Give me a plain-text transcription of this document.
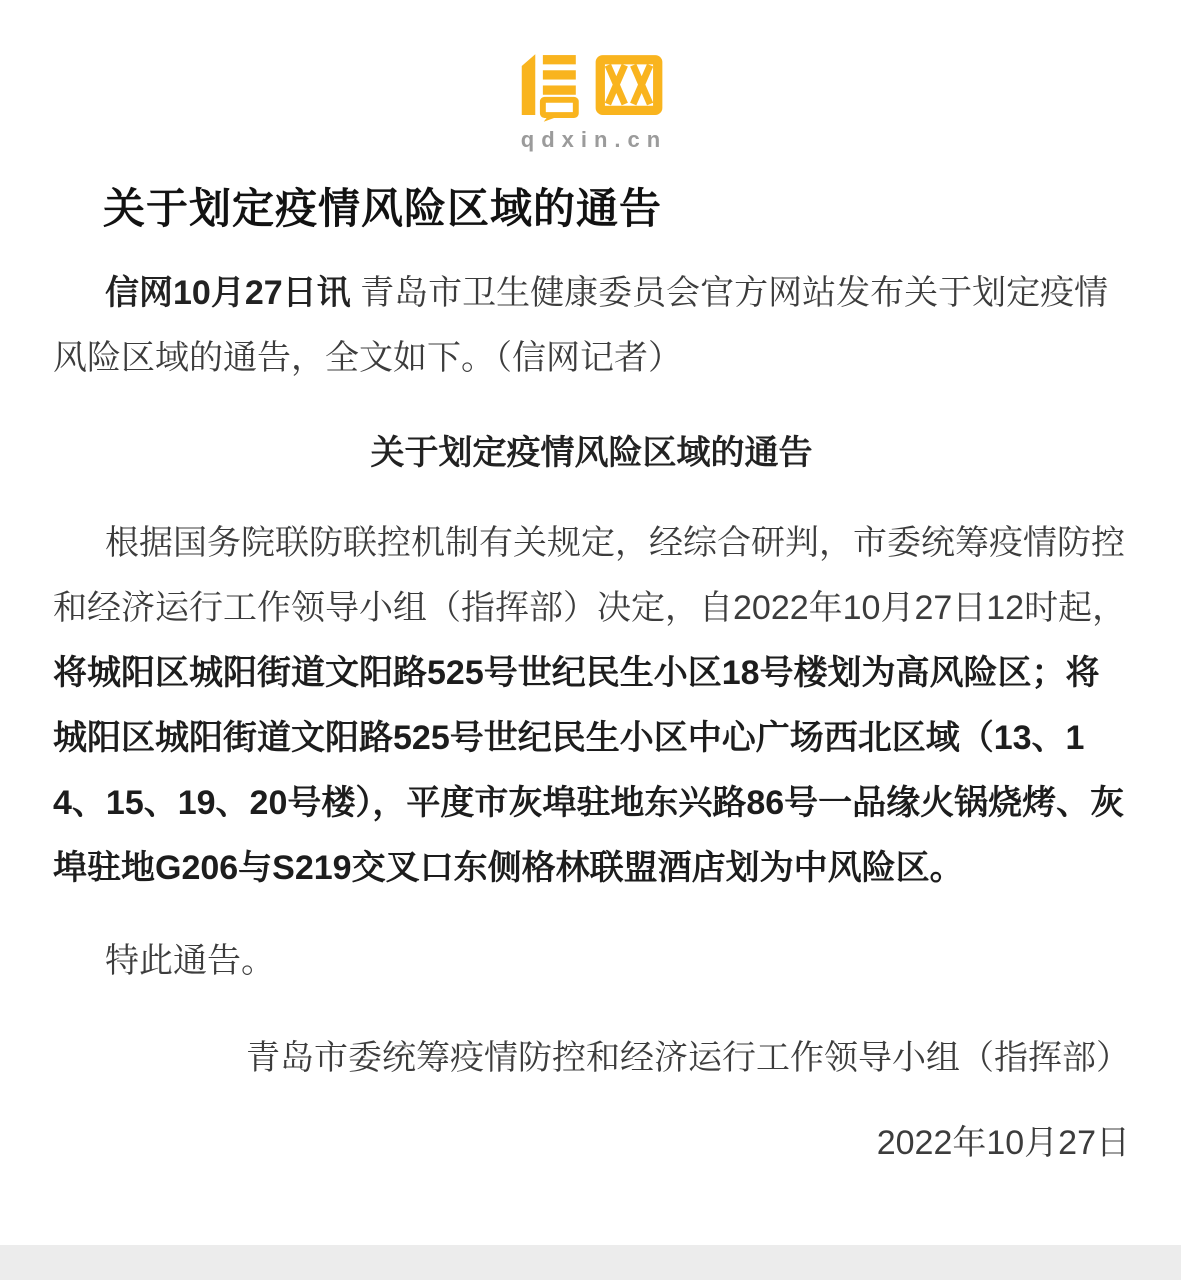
qdxin.cn
关于划定疫情风险区域的通告

信网10月27日讯 青岛市卫生健康委员会官方网站发布关于划定疫情风险区域的通告，全文如下。（信网记者）

关于划定疫情风险区域的通告

根据国务院联防联控机制有关规定，经综合研判，市委统筹疫情防控和经济运行工作领导小组（指挥部）决定，自2022年10月27日12时起，将城阳区城阳街道文阳路525号世纪民生小区18号楼划为高风险区；将城阳区城阳街道文阳路525号世纪民生小区中心广场西北区域（13、14、15、19、20号楼），平度市灰埠驻地东兴路86号一品缘火锅烧烤、灰埠驻地G206与S219交叉口东侧格林联盟酒店划为中风险区。

特此通告。

青岛市委统筹疫情防控和经济运行工作领导小组（指挥部）

2022年10月27日
